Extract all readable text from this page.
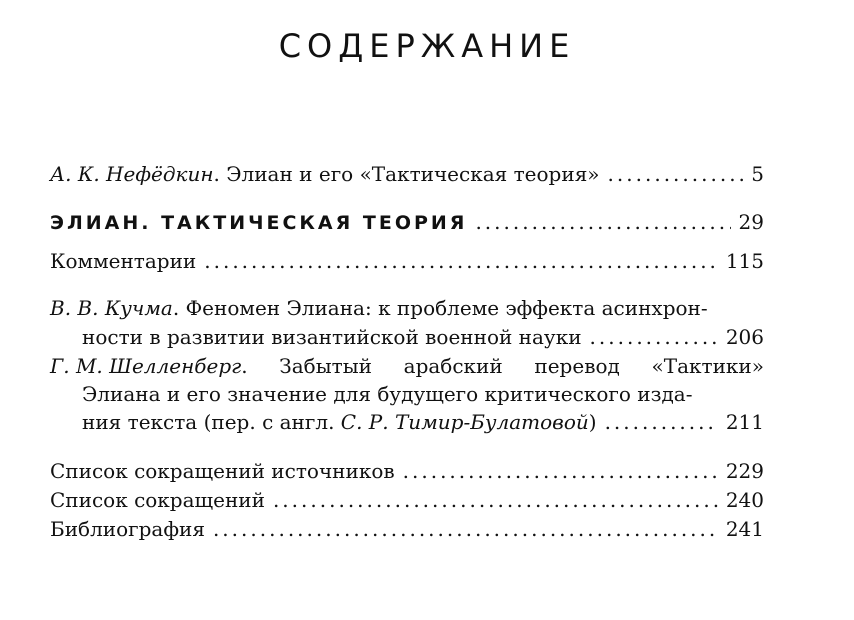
СОДЕРЖАНИЕ
А. К. Нефёдкин. Элиан и его «Тактическая теория» .....	5
ЭЛИАН. ТАКТИЧЕСКАЯ ТЕОРИЯ .....	29
Комментарии .....	115
В. В. Кучма. Феномен Элиана: к проблеме эффекта асинхрон-
ности в развитии византийской военной науки .....	206
Г. М. Шелленберг. Забытый арабский перевод «Тактики»
Элиана и его значение для будущего критического изда-
ния текста (пер. с англ. С. Р. Тимир-Булатовой) .....	211
Список сокращений источников .....	229
Список сокращений .....	240
Библиография .....	241
